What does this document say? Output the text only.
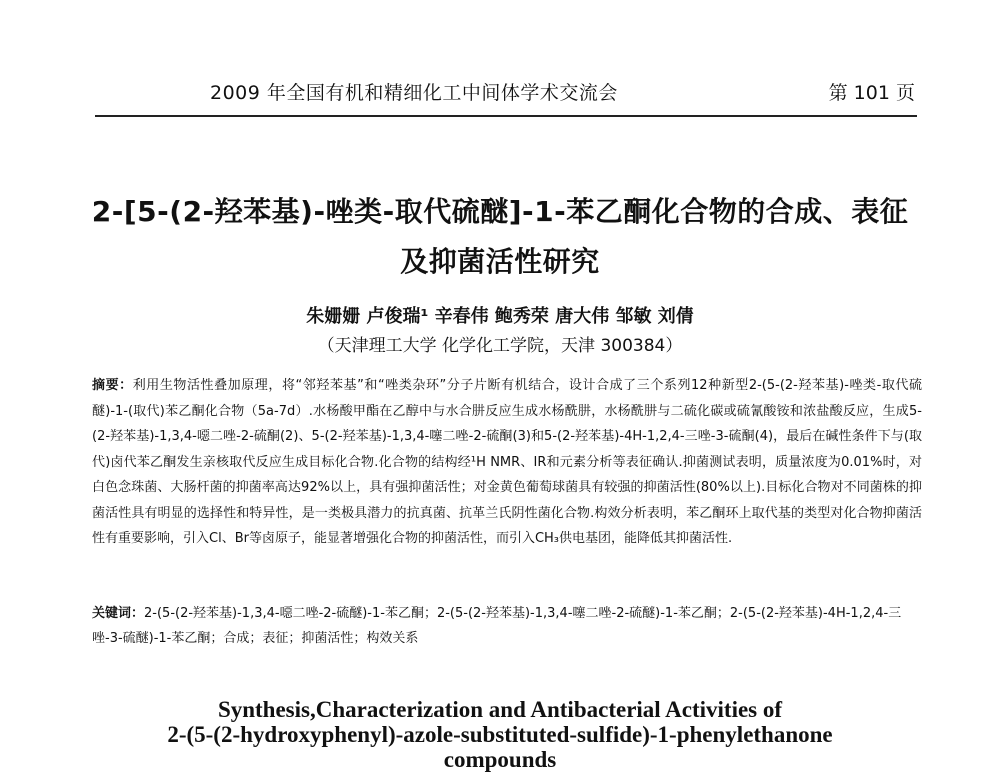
2009 年全国有机和精细化工中间体学术交流会	第 101 页
2-[5-(2-羟苯基)-唑类-取代硫醚]-1-苯乙酮化合物的合成、表征
及抑菌活性研究
朱姗姗 卢俊瑞¹ 辛春伟 鲍秀荣 唐大伟 邹敏 刘倩
（天津理工大学 化学化工学院，天津 300384）
摘要：利用生物活性叠加原理，将“邻羟苯基”和“唑类杂环”分子片断有机结合，设计合成了三个系列12种新型2-(5-(2-羟苯基)-唑类-取代硫醚)-1-(取代)苯乙酮化合物（5a-7d）.水杨酸甲酯在乙醇中与水合肼反应生成水杨酰肼，水杨酰肼与二硫化碳或硫氰酸铵和浓盐酸反应，生成5-(2-羟苯基)-1,3,4-噁二唑-2-硫酮(2)、5-(2-羟苯基)-1,3,4-噻二唑-2-硫酮(3)和5-(2-羟苯基)-4H-1,2,4-三唑-3-硫酮(4)，最后在碱性条件下与(取代)卤代苯乙酮发生亲核取代反应生成目标化合物.化合物的结构经¹H NMR、IR和元素分析等表征确认.抑菌测试表明，质量浓度为0.01%时，对白色念珠菌、大肠杆菌的抑菌率高达92%以上，具有强抑菌活性；对金黄色葡萄球菌具有较强的抑菌活性(80%以上).目标化合物对不同菌株的抑菌活性具有明显的选择性和特异性，是一类极具潜力的抗真菌、抗革兰氏阴性菌化合物.构效分析表明，苯乙酮环上取代基的类型对化合物抑菌活性有重要影响，引入Cl、Br等卤原子，能显著增强化合物的抑菌活性，而引入CH₃供电基团，能降低其抑菌活性.
关键词：2-(5-(2-羟苯基)-1,3,4-噁二唑-2-硫醚)-1-苯乙酮；2-(5-(2-羟苯基)-1,3,4-噻二唑-2-硫醚)-1-苯乙酮；2-(5-(2-羟苯基)-4H-1,2,4-三唑-3-硫醚)-1-苯乙酮；合成；表征；抑菌活性；构效关系
Synthesis,Characterization and Antibacterial Activities of
2-(5-(2-hydroxyphenyl)-azole-substituted-sulfide)-1-phenylethanone
compounds
